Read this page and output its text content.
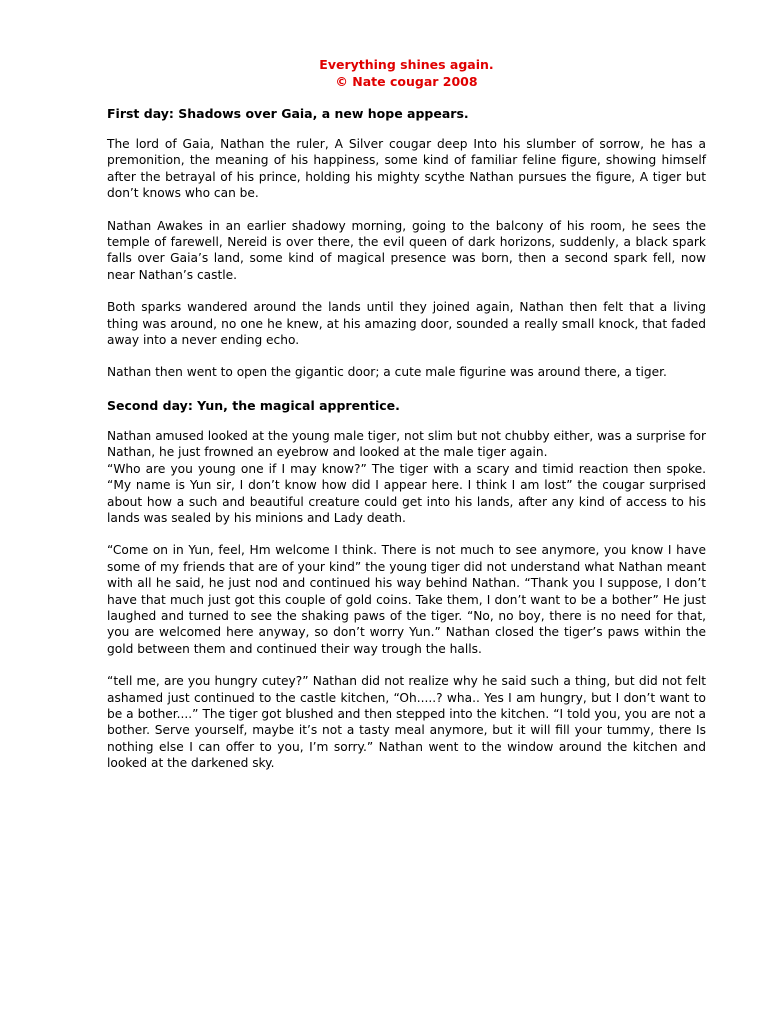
Everything shines again.
© Nate cougar 2008
First day: Shadows over Gaia, a new hope appears.

The lord of Gaia, Nathan the ruler, A Silver cougar deep Into his slumber of sorrow, he has a premonition, the meaning of his happiness, some kind of familiar feline figure, showing himself after the betrayal of his prince, holding his mighty scythe Nathan pursues the figure, A tiger but don’t knows who can be.

Nathan Awakes in an earlier shadowy morning, going to the balcony of his room, he sees the temple of farewell, Nereid is over there, the evil queen of dark horizons, suddenly, a black spark falls over Gaia’s land, some kind of magical presence was born, then a second spark fell, now near Nathan’s castle.

Both sparks wandered around the lands until they joined again, Nathan then felt that a living thing was around, no one he knew, at his amazing door, sounded a really small knock, that faded away into a never ending echo.

Nathan then went to open the gigantic door; a cute male figurine was around there, a tiger.

Second day: Yun, the magical apprentice.

Nathan amused looked at the young male tiger, not slim but not chubby either, was a surprise for Nathan, he just frowned an eyebrow and looked at the male tiger again.

“Who are you young one if I may know?” The tiger with a scary and timid reaction then spoke. “My name is Yun sir, I don’t know how did I appear here. I think I am lost” the cougar surprised about how a such and beautiful creature could get into his lands, after any kind of access to his lands was sealed by his minions and Lady death.

“Come on in Yun, feel, Hm welcome I think. There is not much to see anymore, you know I have some of my friends that are of your kind” the young tiger did not understand what Nathan meant with all he said, he just nod and continued his way behind Nathan. “Thank you I suppose, I don’t have that much just got this couple of gold coins. Take them, I don’t want to be a bother” He just laughed and turned to see the shaking paws of the tiger. “No, no boy, there is no need for that, you are welcomed here anyway, so don’t worry Yun.” Nathan closed the tiger’s paws within the gold between them and continued their way trough the halls.

“tell me, are you hungry cutey?” Nathan did not realize why he said such a thing, but did not felt ashamed just continued to the castle kitchen, “Oh.....? wha.. Yes I am hungry, but I don’t want to be a bother....” The tiger got blushed and then stepped into the kitchen. “I told you, you are not a bother. Serve yourself, maybe it’s not a tasty meal anymore, but it will fill your tummy, there Is nothing else I can offer to you, I’m sorry.” Nathan went to the window around the kitchen and looked at the darkened sky.
